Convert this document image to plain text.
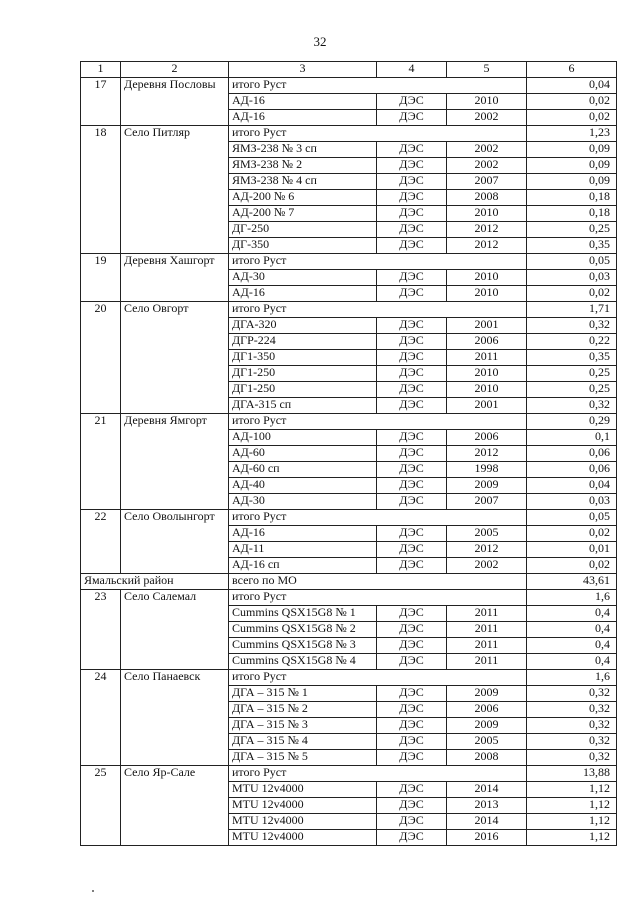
32
1	2	3	4	5	6
17	Деревня Пословы	итого Руст			0,04
		АД-16	ДЭС	2010	0,02
		АД-16	ДЭС	2002	0,02
18	Село Питляр	итого Руст			1,23
		ЯМЗ-238 № 3 сп	ДЭС	2002	0,09
		ЯМЗ-238 № 2	ДЭС	2002	0,09
		ЯМЗ-238 № 4 сп	ДЭС	2007	0,09
		АД-200 № 6	ДЭС	2008	0,18
		АД-200 № 7	ДЭС	2010	0,18
		ДГ-250	ДЭС	2012	0,25
		ДГ-350	ДЭС	2012	0,35
19	Деревня Хашгорт	итого Руст			0,05
		АД-30	ДЭС	2010	0,03
		АД-16	ДЭС	2010	0,02
20	Село Овгорт	итого Руст			1,71
		ДГА-320	ДЭС	2001	0,32
		ДГР-224	ДЭС	2006	0,22
		ДГ1-350	ДЭС	2011	0,35
		ДГ1-250	ДЭС	2010	0,25
		ДГ1-250	ДЭС	2010	0,25
		ДГА-315 сп	ДЭС	2001	0,32
21	Деревня Ямгорт	итого Руст			0,29
		АД-100	ДЭС	2006	0,1
		АД-60	ДЭС	2012	0,06
		АД-60 сп	ДЭС	1998	0,06
		АД-40	ДЭС	2009	0,04
		АД-30	ДЭС	2007	0,03
22	Село Оволынгорт	итого Руст			0,05
		АД-16	ДЭС	2005	0,02
		АД-11	ДЭС	2012	0,01
		АД-16 сп	ДЭС	2002	0,02
Ямальский район		всего по МО			43,61
23	Село Салемал	итого Руст			1,6
		Cummins QSX15G8 № 1	ДЭС	2011	0,4
		Cummins QSX15G8 № 2	ДЭС	2011	0,4
		Cummins QSX15G8 № 3	ДЭС	2011	0,4
		Cummins QSX15G8 № 4	ДЭС	2011	0,4
24	Село Панаевск	итого Руст			1,6
		ДГА – 315 № 1	ДЭС	2009	0,32
		ДГА – 315 № 2	ДЭС	2006	0,32
		ДГА – 315 № 3	ДЭС	2009	0,32
		ДГА – 315 № 4	ДЭС	2005	0,32
		ДГА – 315 № 5	ДЭС	2008	0,32
25	Село Яр-Сале	итого Руст			13,88
		MTU 12v4000	ДЭС	2014	1,12
		MTU 12v4000	ДЭС	2013	1,12
		MTU 12v4000	ДЭС	2014	1,12
		MTU 12v4000	ДЭС	2016	1,12
